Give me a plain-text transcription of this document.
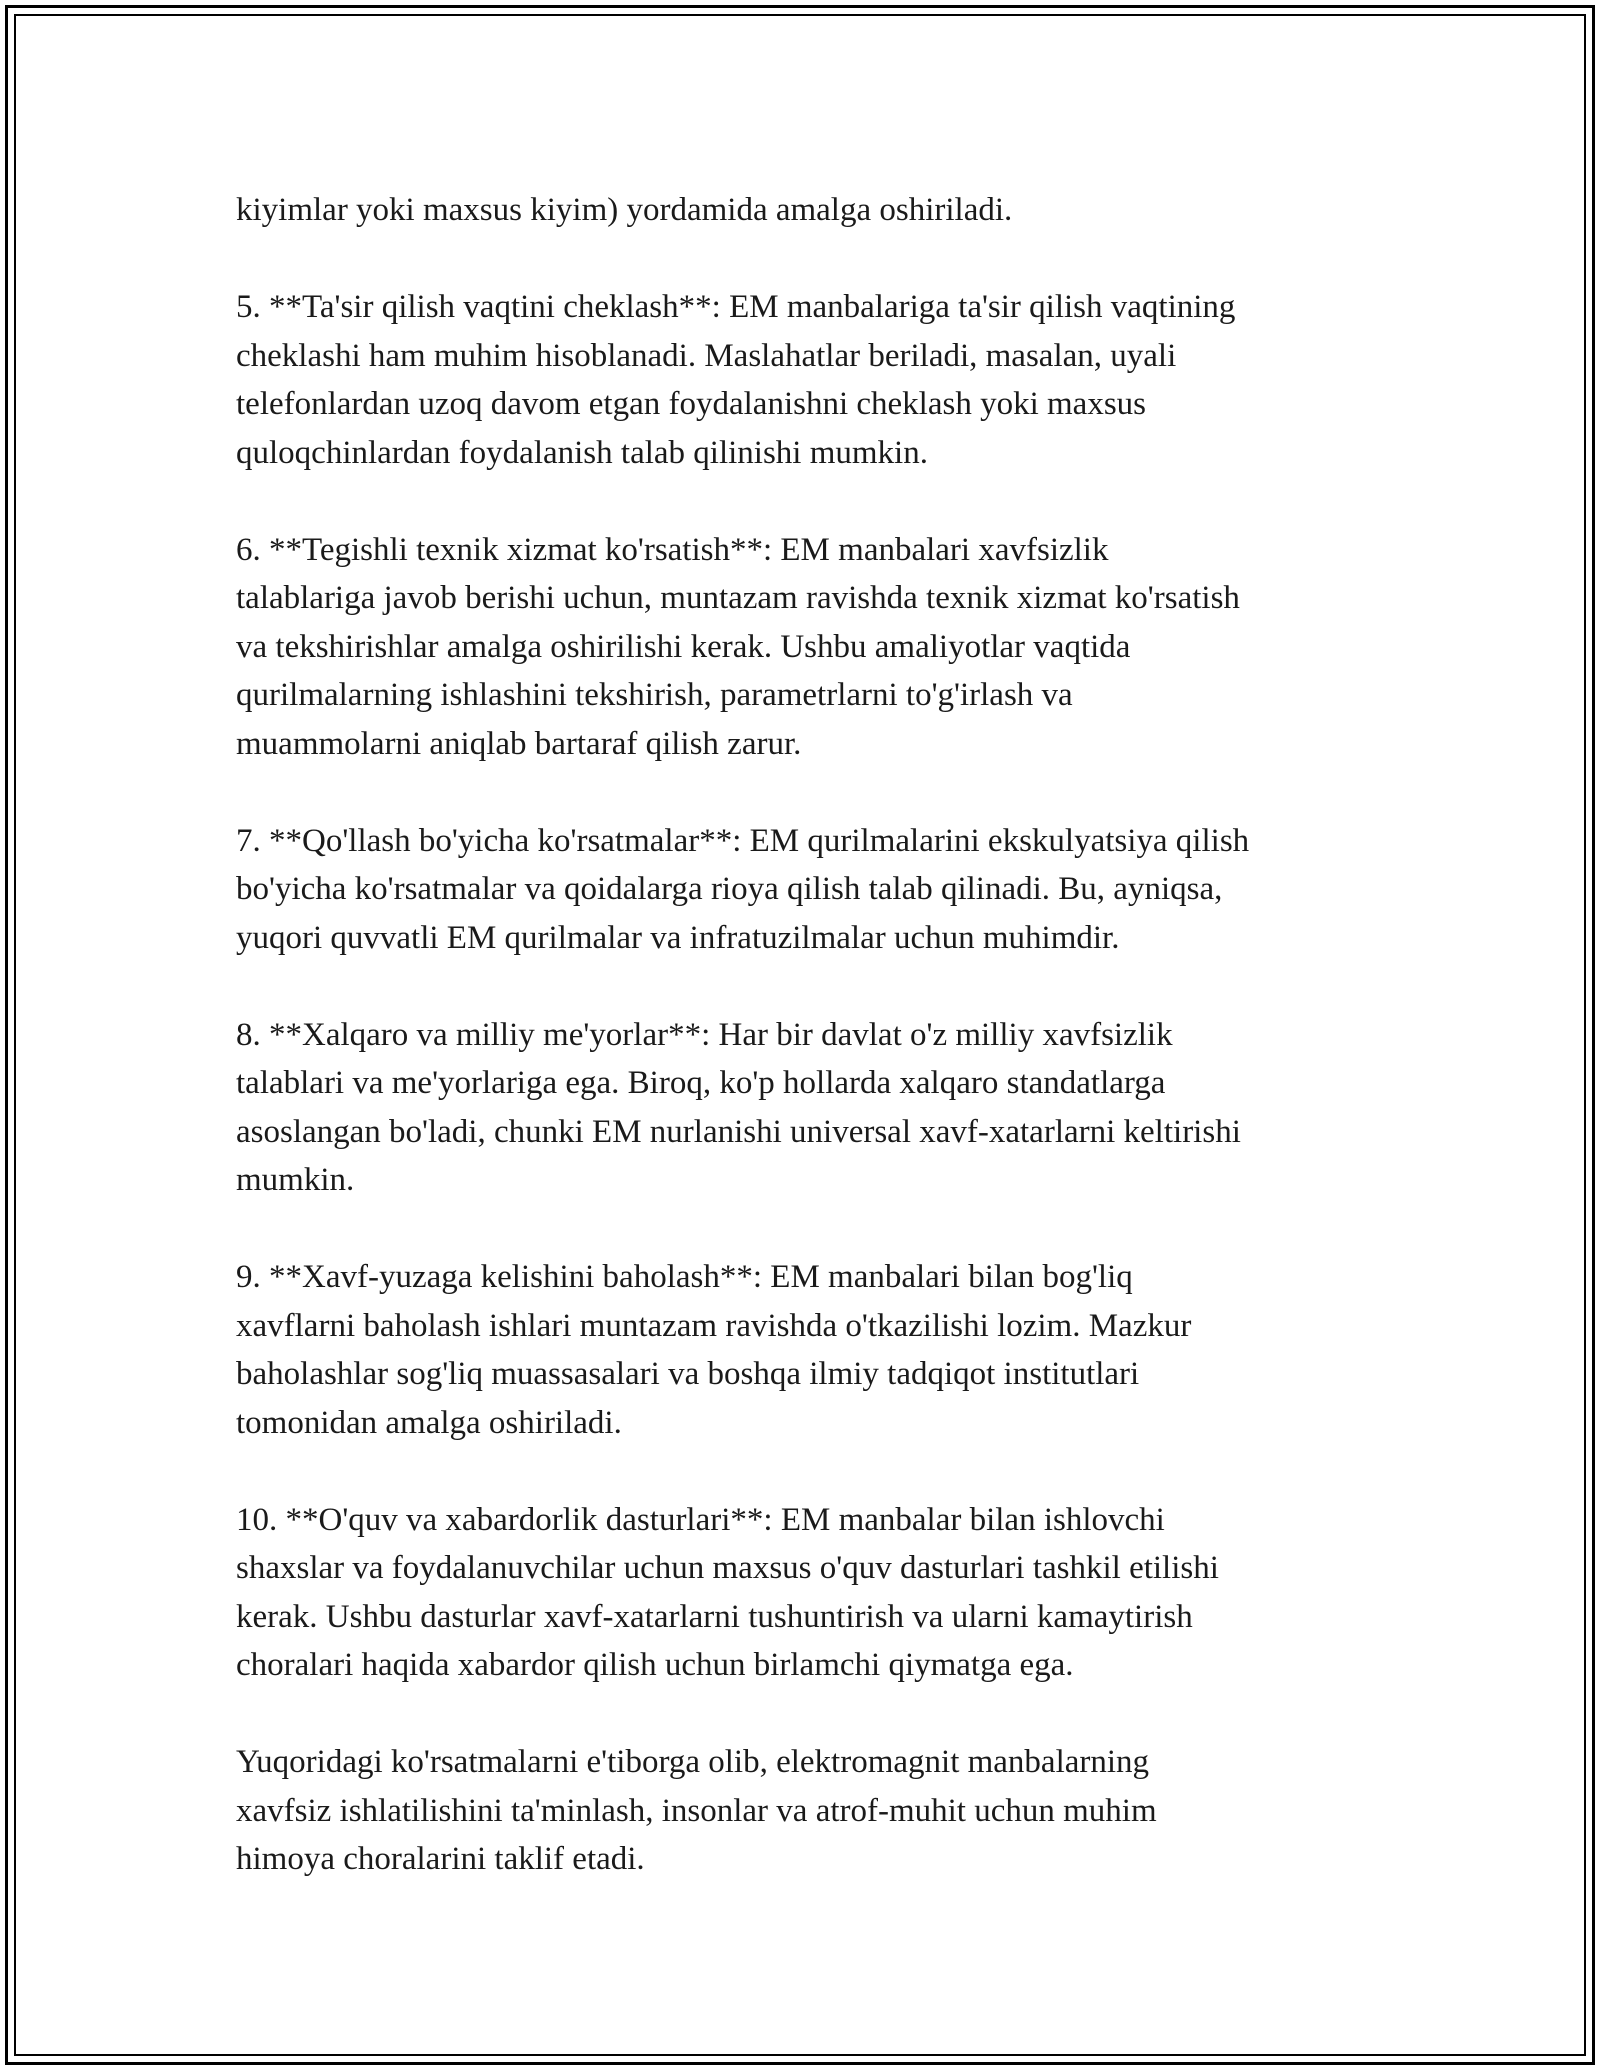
kiyimlar yoki maxsus kiyim) yordamida amalga oshiriladi.

5. **Ta'sir qilish vaqtini cheklash**: EM manbalariga ta'sir qilish vaqtining
cheklashi ham muhim hisoblanadi. Maslahatlar beriladi, masalan, uyali
telefonlardan uzoq davom etgan foydalanishni cheklash yoki maxsus
quloqchinlardan foydalanish talab qilinishi mumkin.

6. **Tegishli texnik xizmat ko'rsatish**: EM manbalari xavfsizlik
talablariga javob berishi uchun, muntazam ravishda texnik xizmat ko'rsatish
va tekshirishlar amalga oshirilishi kerak. Ushbu amaliyotlar vaqtida
qurilmalarning ishlashini tekshirish, parametrlarni to'g'irlash va
muammolarni aniqlab bartaraf qilish zarur.

7. **Qo'llash bo'yicha ko'rsatmalar**: EM qurilmalarini ekskulyatsiya qilish
bo'yicha ko'rsatmalar va qoidalarga rioya qilish talab qilinadi. Bu, ayniqsa,
yuqori quvvatli EM qurilmalar va infratuzilmalar uchun muhimdir.

8. **Xalqaro va milliy me'yorlar**: Har bir davlat o'z milliy xavfsizlik
talablari va me'yorlariga ega. Biroq, ko'p hollarda xalqaro standatlarga
asoslangan bo'ladi, chunki EM nurlanishi universal xavf-xatarlarni keltirishi
mumkin.

9. **Xavf-yuzaga kelishini baholash**: EM manbalari bilan bog'liq
xavflarni baholash ishlari muntazam ravishda o'tkazilishi lozim. Mazkur
baholashlar sog'liq muassasalari va boshqa ilmiy tadqiqot institutlari
tomonidan amalga oshiriladi.

10. **O'quv va xabardorlik dasturlari**: EM manbalar bilan ishlovchi
shaxslar va foydalanuvchilar uchun maxsus o'quv dasturlari tashkil etilishi
kerak. Ushbu dasturlar xavf-xatarlarni tushuntirish va ularni kamaytirish
choralari haqida xabardor qilish uchun birlamchi qiymatga ega.

Yuqoridagi ko'rsatmalarni e'tiborga olib, elektromagnit manbalarning
xavfsiz ishlatilishini ta'minlash, insonlar va atrof-muhit uchun muhim
himoya choralarini taklif etadi.
